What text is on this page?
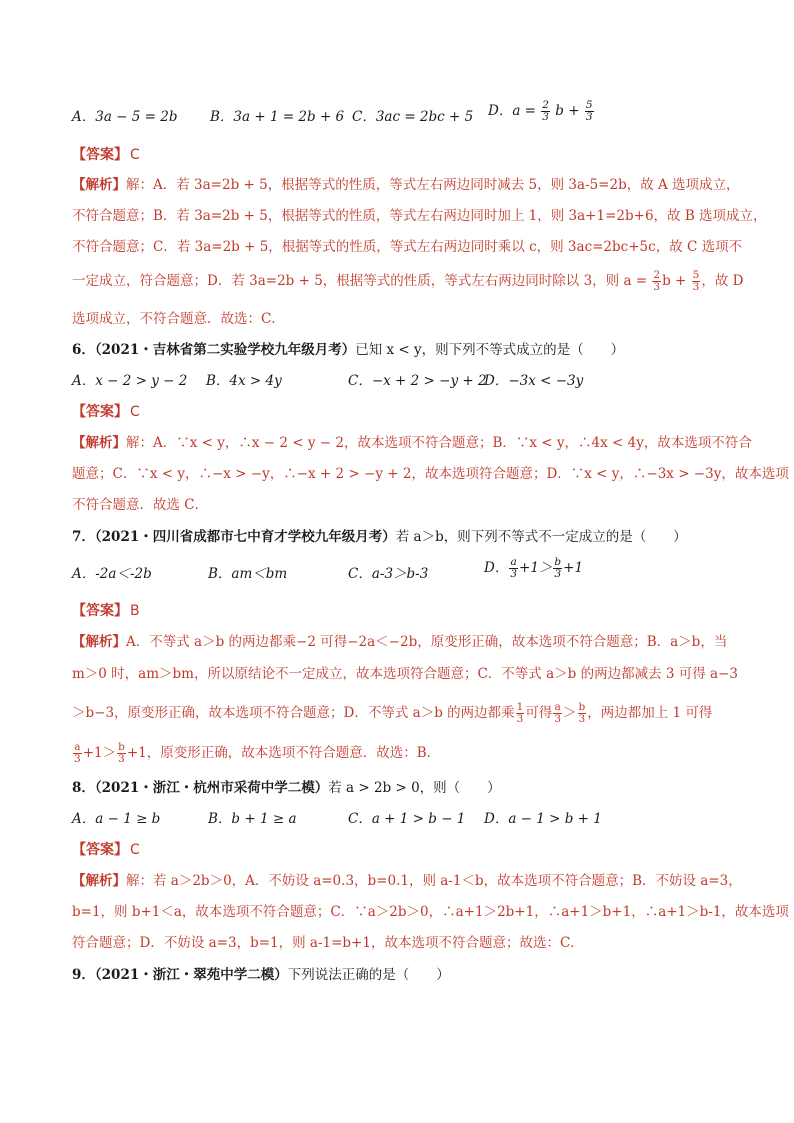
A．3a − 5 = 2b B．3a + 1 = 2b + 6 C．3ac = 2bc + 5 D．$a = \frac{2}{3}$ $b + \frac{5}{3}$
【答案】 C
【解析】解：A．若 3a=2b + 5，根据等式的性质，等式左右两边同时减去 5，则 3a-5=2b，故 A 选项成立，
不符合题意；B．若 3a=2b + 5，根据等式的性质，等式左右两边同时加上 1，则 3a+1=2b+6，故 B 选项成立，
不符合题意；C．若 3a=2b + 5，根据等式的性质，等式左右两边同时乘以 c，则 3ac=2bc+5c，故 C 选项不
一定成立，符合题意；D．若 3a=2b + 5，根据等式的性质，等式左右两边同时除以 3，则 $a = \frac{2}{3}$ $b + \frac{5}{3}$ ，故 D
选项成立，不符合题意．故选：C．
6．（2021・吉林省第二实验学校九年级月考）已知 x < y，则下列不等式成立的是（　　）
A．x − 2 > y − 2 B．4x > 4y	C．−x + 2 > −y + 2
D．−3x < −3y
【答案】 C
【解析】解：A．∵x < y，∴x − 2 < y − 2，故本选项不符合题意；B．∵x < y，∴4x < 4y，故本选项不符合
题意；C．∵x < y，∴−x > −y，∴−x + 2 > −y + 2，故本选项符合题意；D．∵x < y，∴−3x > −3y，故本选项
不符合题意．故选 C．
7．（2021・四川省成都市七中育才学校九年级月考）若 a＞b，则下列不等式不一定成立的是（　　）
A．-2a＜-2b	B．am＜bm	C．a-3＞b-3	D． $\frac{a}{3} +1> \frac{b}{3} +1$
【答案】 B
【解析】A．不等式 a＞b 的两边都乘−2 可得−2a＜−2b，原变形正确，故本选项不符合题意；B．a＞b，当
m＞0 时，am＞bm，所以原结论不一定成立，故本选项符合题意；C．不等式 a＞b 的两边都减去 3 可得 a−3
＞b−3，原变形正确，故本选项不符合题意；D．不等式 a＞b 的两边都乘 $\frac{1}{3}$ 可得 $\frac{a}{3} > \frac{b}{3}$ ，两边都加上 1 可得
$\frac{a}{3} +1> \frac{b}{3} +1$，原变形正确，故本选项不符合题意．故选：B．
8．（2021・浙江・杭州市采荷中学二模）若 a > 2b > 0，则（　　）
A．a − 1 ≥ b	B．b + 1 ≥ a	C．a + 1 > b − 1 D．a − 1 > b + 1
【答案】 C
【解析】解：若 a＞2b＞0，A．不妨设 a=0.3，b=0.1，则 a-1＜b，故本选项不符合题意；B．不妨设 a=3，
b=1，则 b+1＜a，故本选项不符合题意；C．∵a＞2b＞0，∴a+1＞2b+1，∴a+1＞b+1，∴a+1＞b-1，故本选项
符合题意；D．不妨设 a=3，b=1，则 a-1=b+1，故本选项不符合题意；故选：C．
9．（2021・浙江・翠苑中学二模）下列说法正确的是（　　）
